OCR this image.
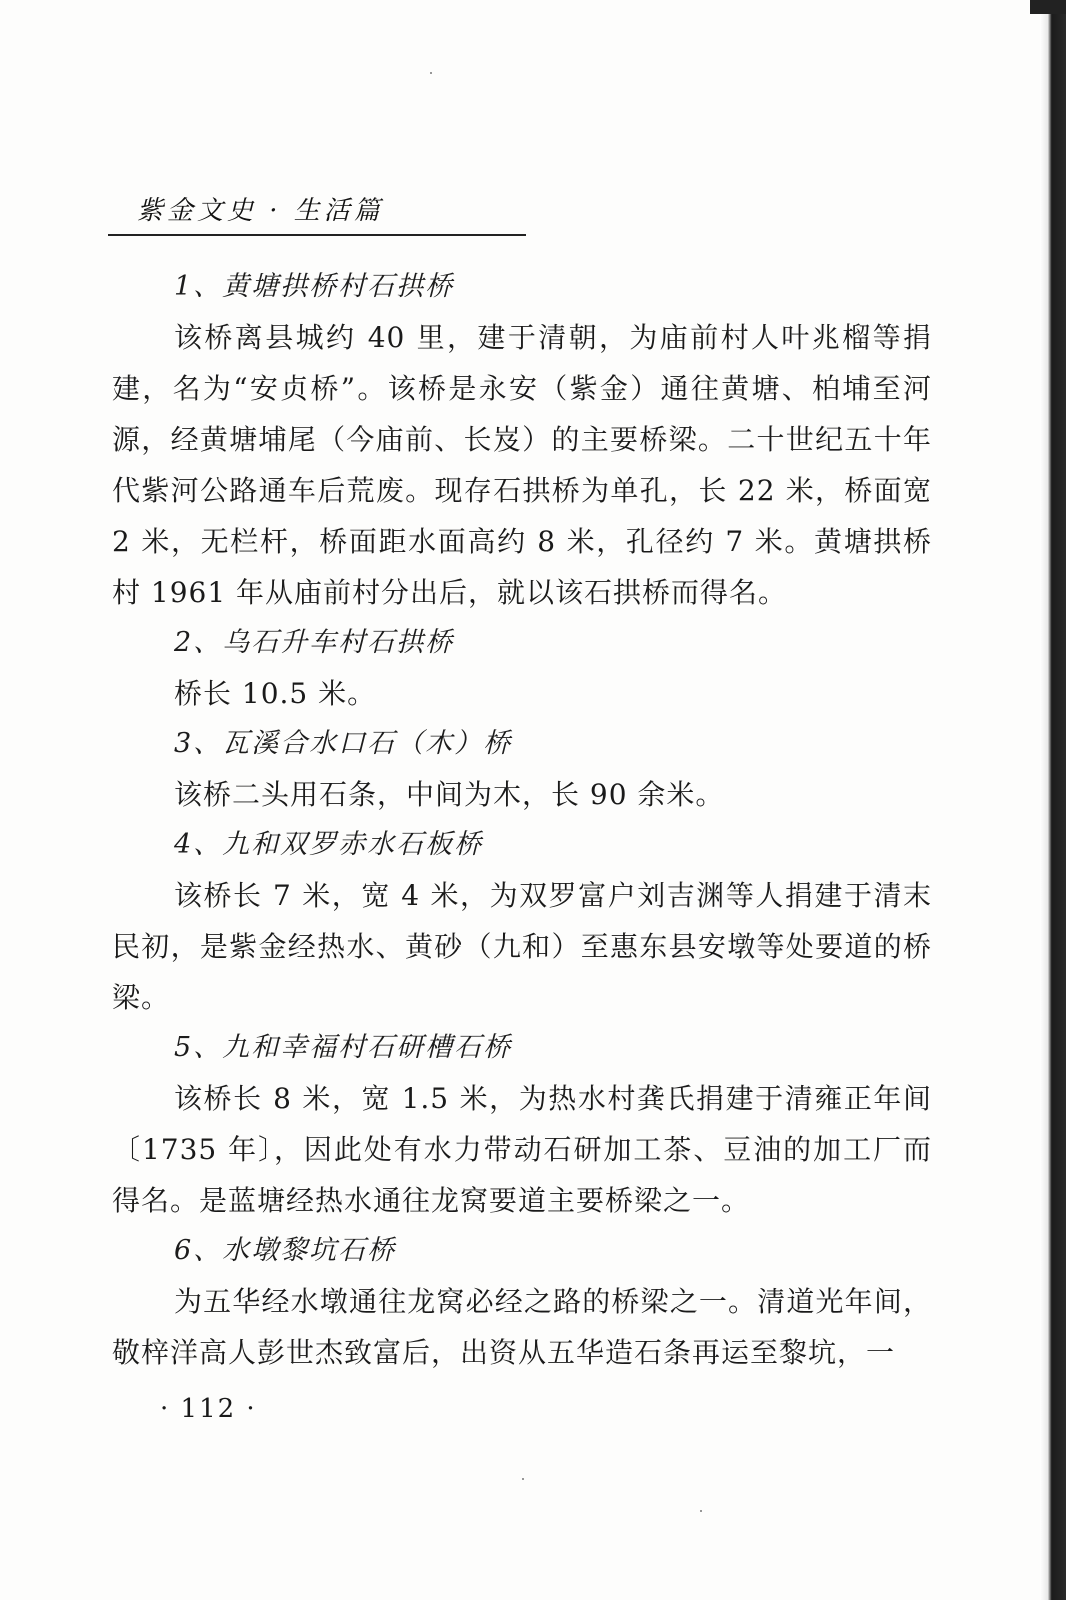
紫金文史 · 生活篇
1、黄塘拱桥村石拱桥
该桥离县城约 40 里，建于清朝，为庙前村人叶兆榴等捐建，名为“安贞桥”。该桥是永安（紫金）通往黄塘、柏埔至河源，经黄塘埔尾（今庙前、长岌）的主要桥梁。二十世纪五十年代紫河公路通车后荒废。现存石拱桥为单孔，长 22 米，桥面宽 2 米，无栏杆，桥面距水面高约 8 米，孔径约 7 米。黄塘拱桥村 1961 年从庙前村分出后，就以该石拱桥而得名。
2、乌石升车村石拱桥
桥长 10.5 米。
3、瓦溪合水口石（木）桥
该桥二头用石条，中间为木，长 90 余米。
4、九和双罗赤水石板桥
该桥长 7 米，宽 4 米，为双罗富户刘吉渊等人捐建于清末民初，是紫金经热水、黄砂（九和）至惠东县安墩等处要道的桥梁。
5、九和幸福村石研槽石桥
该桥长 8 米，宽 1.5 米，为热水村龚氏捐建于清雍正年间〔1735 年〕，因此处有水力带动石研加工茶、豆油的加工厂而得名。是蓝塘经热水通往龙窝要道主要桥梁之一。
6、水墩黎坑石桥
为五华经水墩通往龙窝必经之路的桥梁之一。清道光年间，敬梓洋高人彭世杰致富后，出资从五华造石条再运至黎坑，一
· 112 ·
